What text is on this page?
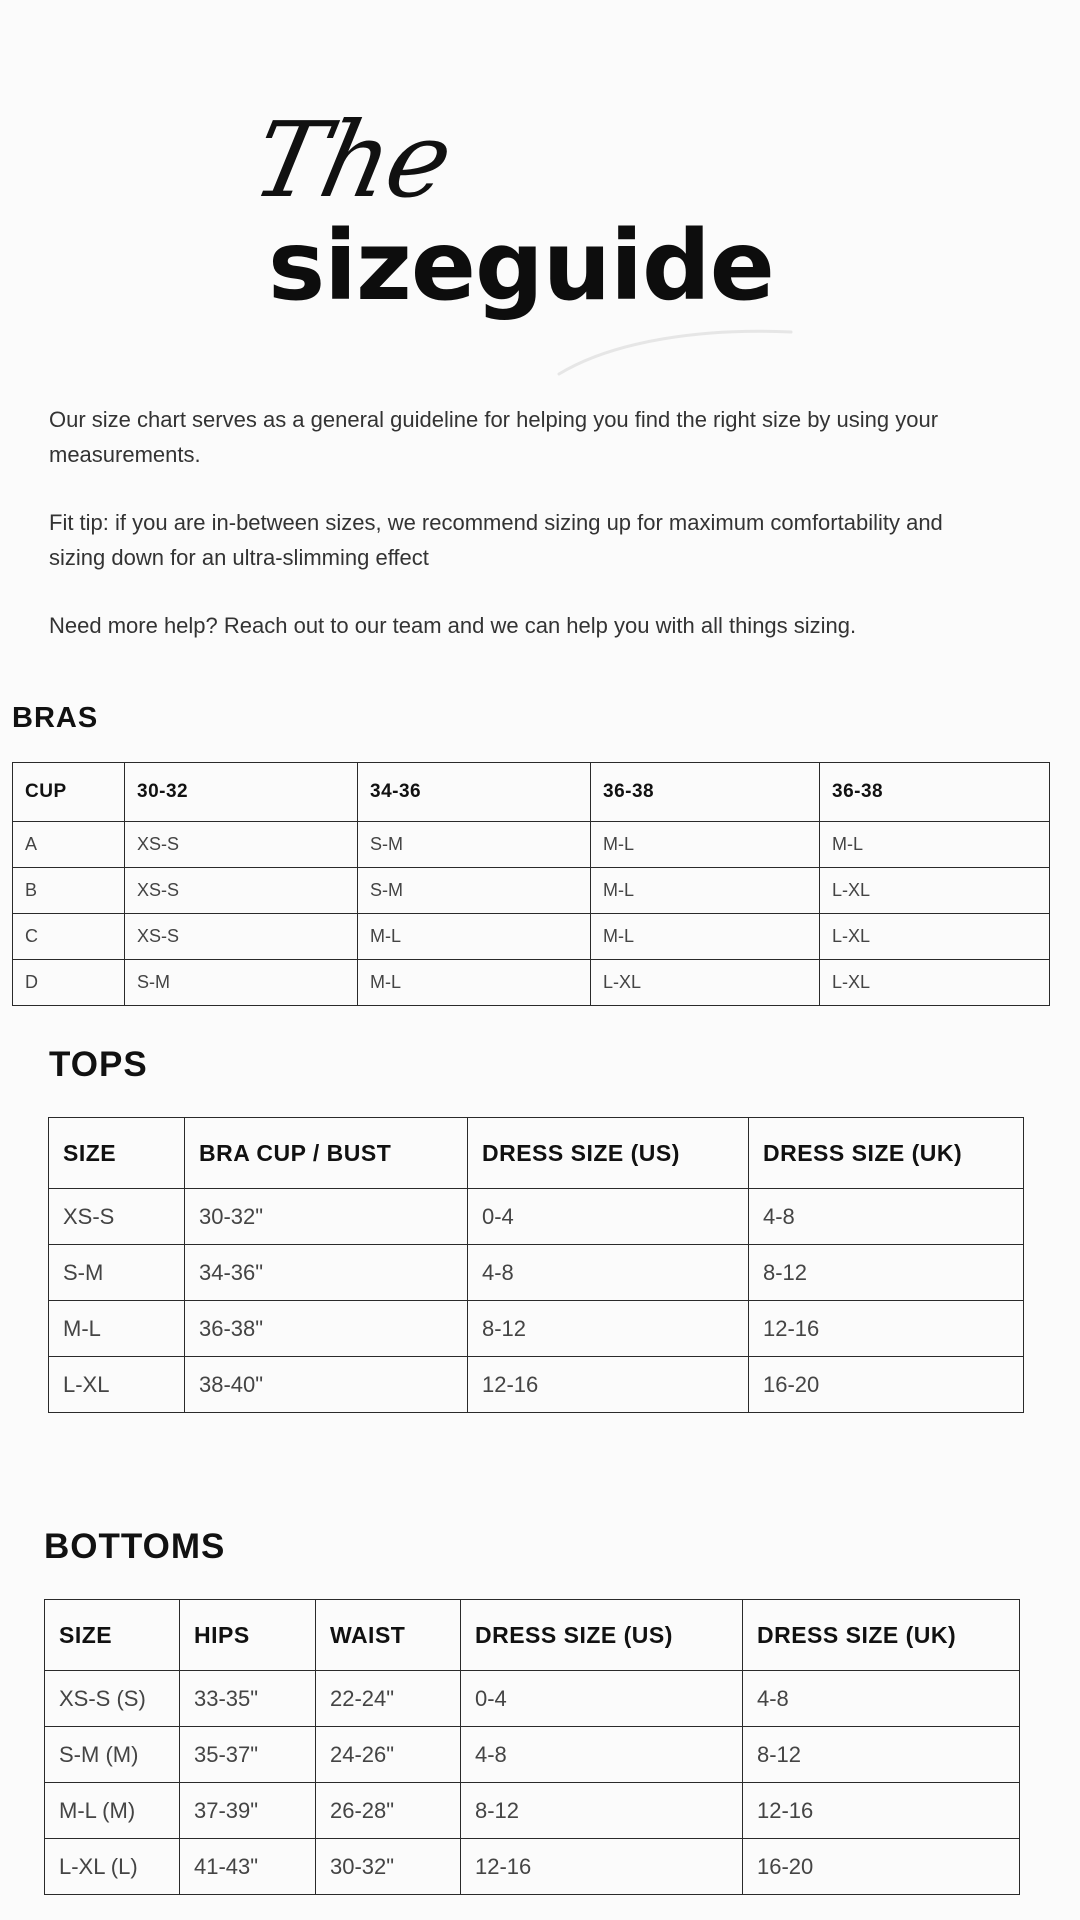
The
sizeguide

Our size chart serves as a general guideline for helping you find the right size by using your measurements.

Fit tip: if you are in-between sizes, we recommend sizing up for maximum comfortability and sizing down for an ultra-slimming effect

Need more help? Reach out to our team and we can help you with all things sizing.

BRAS
CUP	30-32	34-36	36-38	36-38
A	XS-S	S-M	M-L	M-L
B	XS-S	S-M	M-L	L-XL
C	XS-S	M-L	M-L	L-XL
D	S-M	M-L	L-XL	L-XL
TOPS
SIZE	BRA CUP / BUST	DRESS SIZE (US)	DRESS SIZE (UK)
XS-S	30-32"	0-4	4-8
S-M	34-36"	4-8	8-12
M-L	36-38"	8-12	12-16
L-XL	38-40"	12-16	16-20
BOTTOMS
SIZE	HIPS	WAIST	DRESS SIZE (US)	DRESS SIZE (UK)
XS-S (S)	33-35"	22-24"	0-4	4-8
S-M (M)	35-37"	24-26"	4-8	8-12
M-L (M)	37-39"	26-28"	8-12	12-16
L-XL (L)	41-43"	30-32"	12-16	16-20
